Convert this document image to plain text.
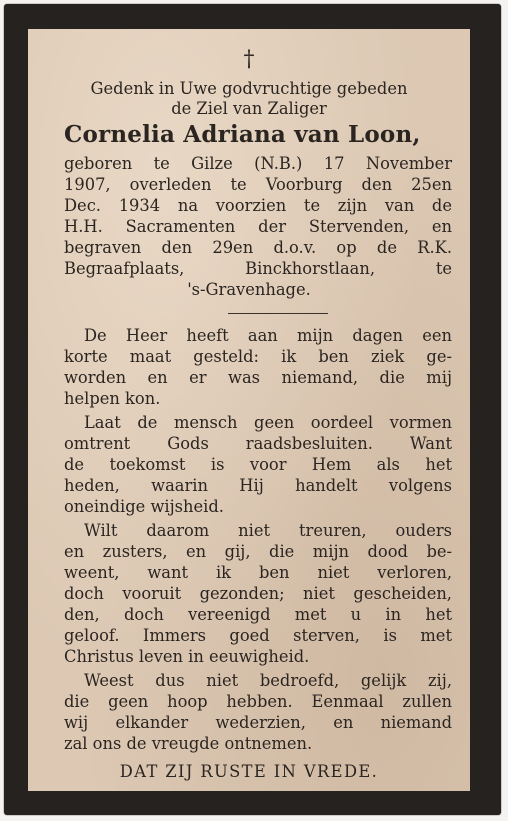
†
Gedenk in Uwe godvruchtige gebeden
de Ziel van Zaliger
Cornelia Adriana van Loon,
geboren te Gilze (N.B.) 17 November
1907, overleden te Voorburg den 25en
Dec. 1934 na voorzien te zijn van de
H.H. Sacramenten der Stervenden, en
begraven den 29en d.o.v. op de R.K.
Begraafplaats, Binckhorstlaan, te
's-Gravenhage.
De Heer heeft aan mijn dagen een
korte maat gesteld: ik ben ziek ge-
worden en er was niemand, die mij
helpen kon.
Laat de mensch geen oordeel vormen
omtrent Gods raadsbesluiten. Want
de toekomst is voor Hem als het
heden, waarin Hij handelt volgens
oneindige wijsheid.
Wilt daarom niet treuren, ouders
en zusters, en gij, die mijn dood be-
weent, want ik ben niet verloren,
doch vooruit gezonden; niet gescheiden,
den, doch vereenigd met u in het
geloof. Immers goed sterven, is met
Christus leven in eeuwigheid.
Weest dus niet bedroefd, gelijk zij,
die geen hoop hebben. Eenmaal zullen
wij elkander wederzien, en niemand
zal ons de vreugde ontnemen.
DAT ZIJ RUSTE IN VREDE.
